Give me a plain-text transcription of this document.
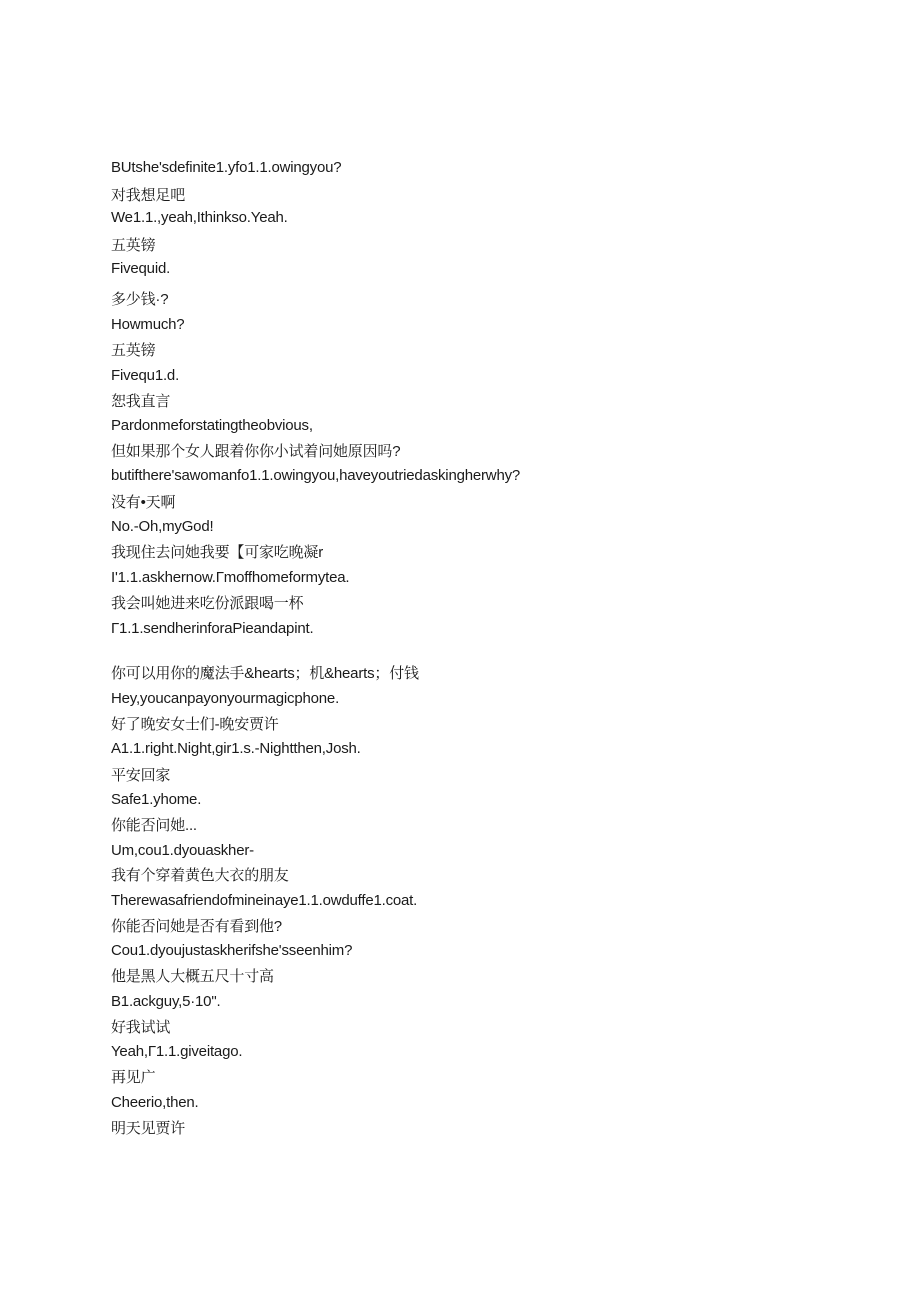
BUtshe'sdefinite1.yfo1.1.owingyou?
对我想足吧
We1.1.,yeah,Ithinkso.Yeah.
五英镑
Fivequid.
多少钱·?
Howmuch?
五英镑
Fivequ1.d.
恕我直言
Pardonmeforstatingtheobvious,
但如果那个女人跟着你你小试着问她原因吗?
butifthere'sawomanfo1.1.owingyou,haveyoutriedaskingherwhy?
没有•天啊
No.-Oh,myGod!
我现住去问她我要【可家吃晚凝r
I'1.1.askhernow.Γmoffhomeformytea.
我会叫她进来吃份派跟喝一杯
Γ1.1.sendherinforaPieandapint.
你可以用你的魔法手&hearts；机&hearts；付钱
Hey,youcanpayonyourmagicphone.
好了晚安女士们-晚安贾许
A1.1.right.Night,gir1.s.-Nightthen,Josh.
平安回家
Safe1.yhome.
你能否问她...
Um,cou1.dyouaskher-
我有个穿着黄色大衣的朋友
Therewasafriendofmineinaye1.1.owduffe1.coat.
你能否问她是否有看到他?
Cou1.dyoujustaskherifshe'sseenhim?
他是黑人大概五尺十寸高
B1.ackguy,5·10".
好我试试
Yeah,Γ1.1.giveitago.
再见广
Cheerio,then.
明天见贾许
